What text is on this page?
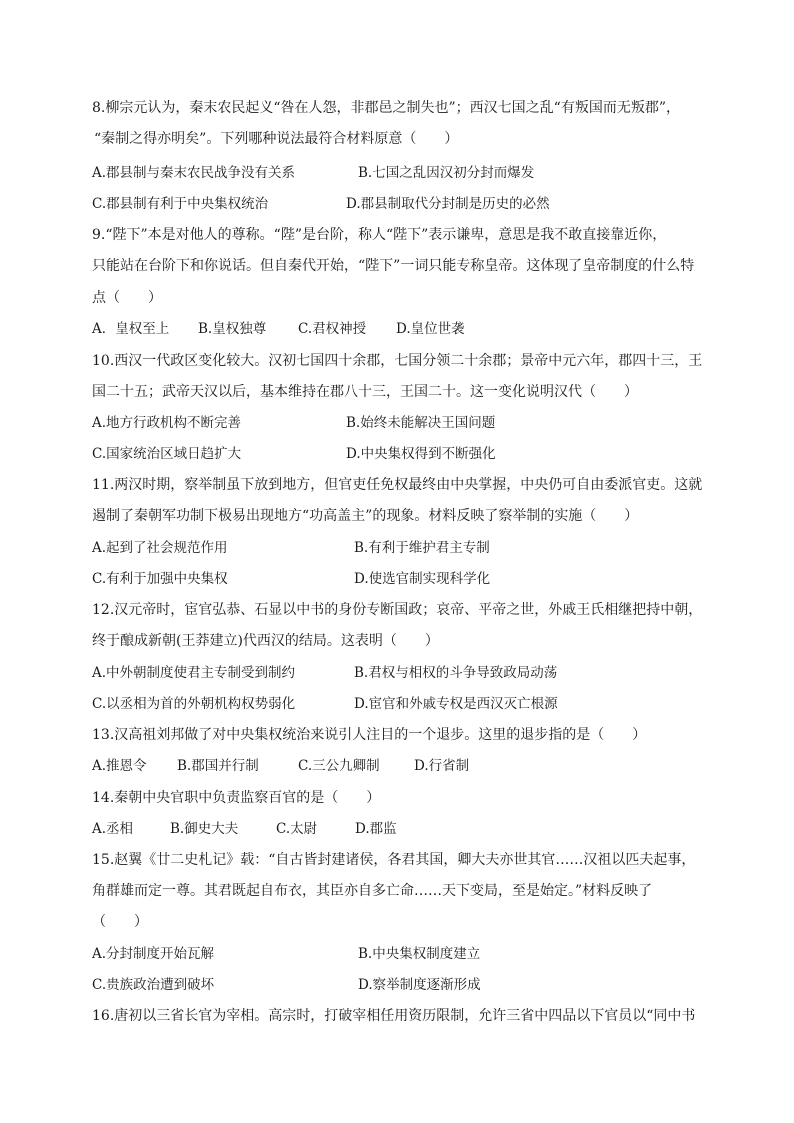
8.柳宗元认为，秦末农民起义“咎在人怨，非郡邑之制失也”；西汉七国之乱“有叛国而无叛郡”，
“秦制之得亦明矣”。下列哪种说法最符合材料原意（　　）
A.郡县制与秦末农民战争没有关系	B.七国之乱因汉初分封而爆发
C.郡县制有利于中央集权统治	D.郡县制取代分封制是历史的必然
9.“陛下”本是对他人的尊称。“陛”是台阶，称人“陛下”表示谦卑，意思是我不敢直接靠近你，
只能站在台阶下和你说话。但自秦代开始，“陛下”一词只能专称皇帝。这体现了皇帝制度的什么特
点（　　）
A．皇权至上 B.皇权独尊 C.君权神授 D.皇位世袭
10.西汉一代政区变化较大。汉初七国四十余郡，七国分领二十余郡；景帝中元六年，郡四十三，王
国二十五；武帝天汉以后，基本维持在郡八十三，王国二十。这一变化说明汉代（　　）
A.地方行政机构不断完善	B.始终未能解决王国问题
C.国家统治区域日趋扩大	D.中央集权得到不断强化
11.两汉时期，察举制虽下放到地方，但官吏任免权最终由中央掌握，中央仍可自由委派官吏。这就
遏制了秦朝军功制下极易出现地方“功高盖主”的现象。材料反映了察举制的实施（　　）
A.起到了社会规范作用	B.有利于维护君主专制
C.有利于加强中央集权	D.使选官制实现科学化
12.汉元帝时，宦官弘恭、石显以中书的身份专断国政；哀帝、平帝之世，外戚王氏相继把持中朝，
终于酿成新朝(王莽建立)代西汉的结局。这表明（　　）
A.中外朝制度使君主专制受到制约	B.君权与相权的斗争导致政局动荡
C.以丞相为首的外朝机构权势弱化	D.宦官和外戚专权是西汉灭亡根源
13.汉高祖刘邦做了对中央集权统治来说引人注目的一个退步。这里的退步指的是（　　）
A.推恩令 B.郡国并行制	C.三公九卿制	D.行省制
14.秦朝中央官职中负责监察百官的是（　　）
A.丞相	B.御史大夫	C.太尉	D.郡监
15.赵翼《廿二史札记》载：“自古皆封建诸侯，各君其国，卿大夫亦世其官……汉祖以匹夫起事，
角群雄而定一尊。其君既起自布衣，其臣亦自多亡命……天下变局，至是始定。”材料反映了
（　　）
A.分封制度开始瓦解	B.中央集权制度建立
C.贵族政治遭到破坏	D.察举制度逐渐形成
16.唐初以三省长官为宰相。高宗时，打破宰相任用资历限制，允许三省中四品以下官员以“同中书
